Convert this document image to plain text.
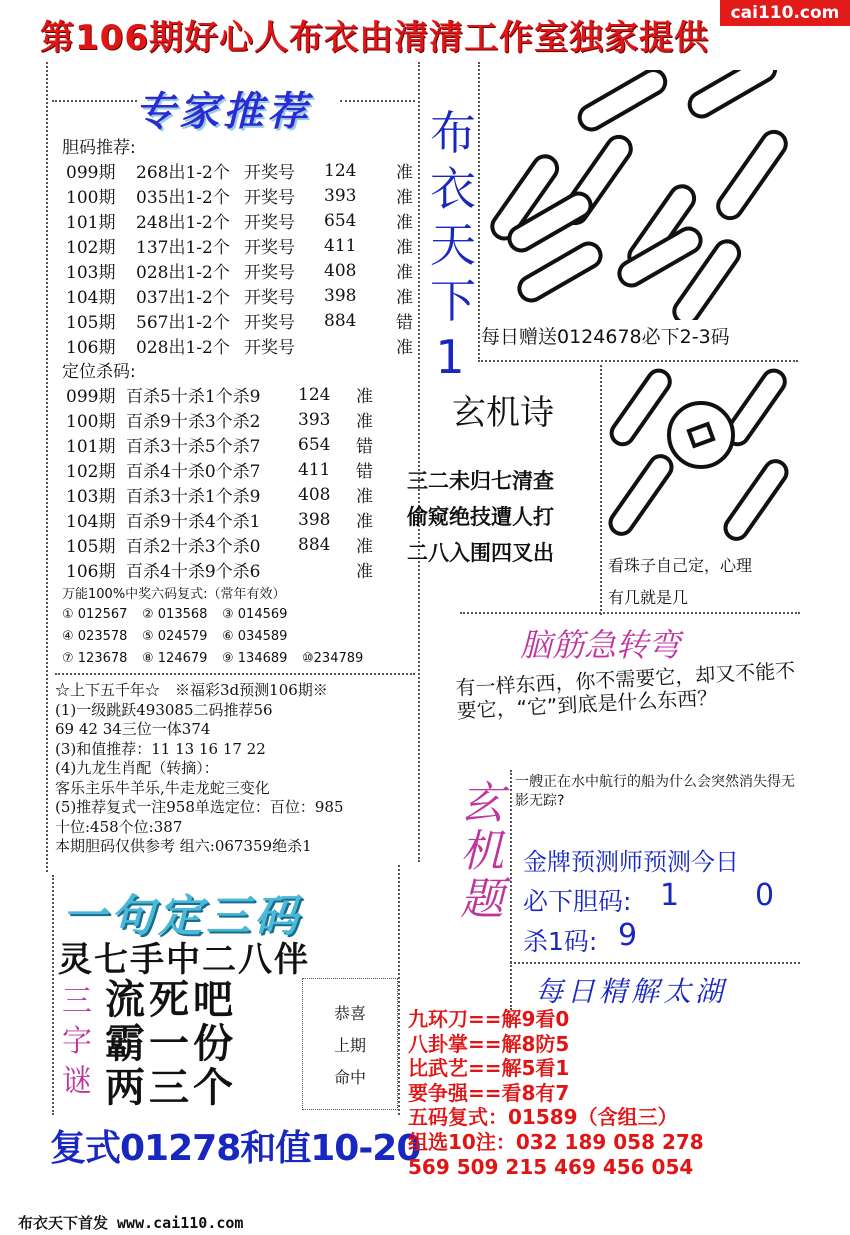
第106期好心人布衣由清清工作室独家提供
cai110.com
专家推荐
胆码推荐:
099期	268出1-2个	开奖号	124	准
100期	035出1-2个	开奖号	393	准
101期	248出1-2个	开奖号	654	准
102期	137出1-2个	开奖号	411	准
103期	028出1-2个	开奖号	408	准
104期	037出1-2个	开奖号	398	准
105期	567出1-2个	开奖号	884	错
106期	028出1-2个	开奖号		准
定位杀码:
099期	百杀5十杀1个杀9	124	准
100期	百杀9十杀3个杀2	393	准
101期	百杀3十杀5个杀7	654	错
102期	百杀4十杀0个杀7	411	错
103期	百杀3十杀1个杀9	408	准
104期	百杀9十杀4个杀1	398	准
105期	百杀2十杀3个杀0	884	准
106期	百杀4十杀9个杀6		准
万能100%中奖六码复式:（常年有效）
① 012567 ② 013568 ③ 014569
④ 023578 ⑤ 024579 ⑥ 034589
⑦ 123678 ⑧ 124679 ⑨ 134689 ⑩234789
☆上下五千年☆　※福彩3d预测106期※
(1)一级跳跃493085二码推荐56
69 42 34三位一体374
(3)和值推荐：11 13 16 17 22
(4)九龙生肖配（转摘）：
客乐主乐牛羊乐,牛走龙蛇三变化
(5)推荐复式一注958单选定位：百位：985
十位:458个位:387
本期胆码仅供参考 组六:067359绝杀1
布
衣
天
下
1 每日赠送0124678必下2-3码
玄机诗
三二未归七清查
偷窥绝技遭人打
二八入围四叉出
看珠子自己定，心理
有几就是几
脑筋急转弯
有一样东西，你不需要它，却又不能不要它，“它”到底是什么东西？
玄
机
题
一艘正在水中航行的船为什么会突然消失得无影无踪?
金牌预测师预测今日
必下胆码: 1	0
杀1码: 9
一句定三码
灵七手中二八伴
三
字
谜
流死吧
霸一份
两三个
恭喜
上期
命中
复式01278和值10-20
每日精解太湖
九环刀==解9看0
八卦掌==解8防5
比武艺==解5看1
要争强==看8有7
五码复式：01589（含组三）
组选10注：032 189 058 278
569 509 215 469 456 054
布衣天下首发 www.cai110.com
